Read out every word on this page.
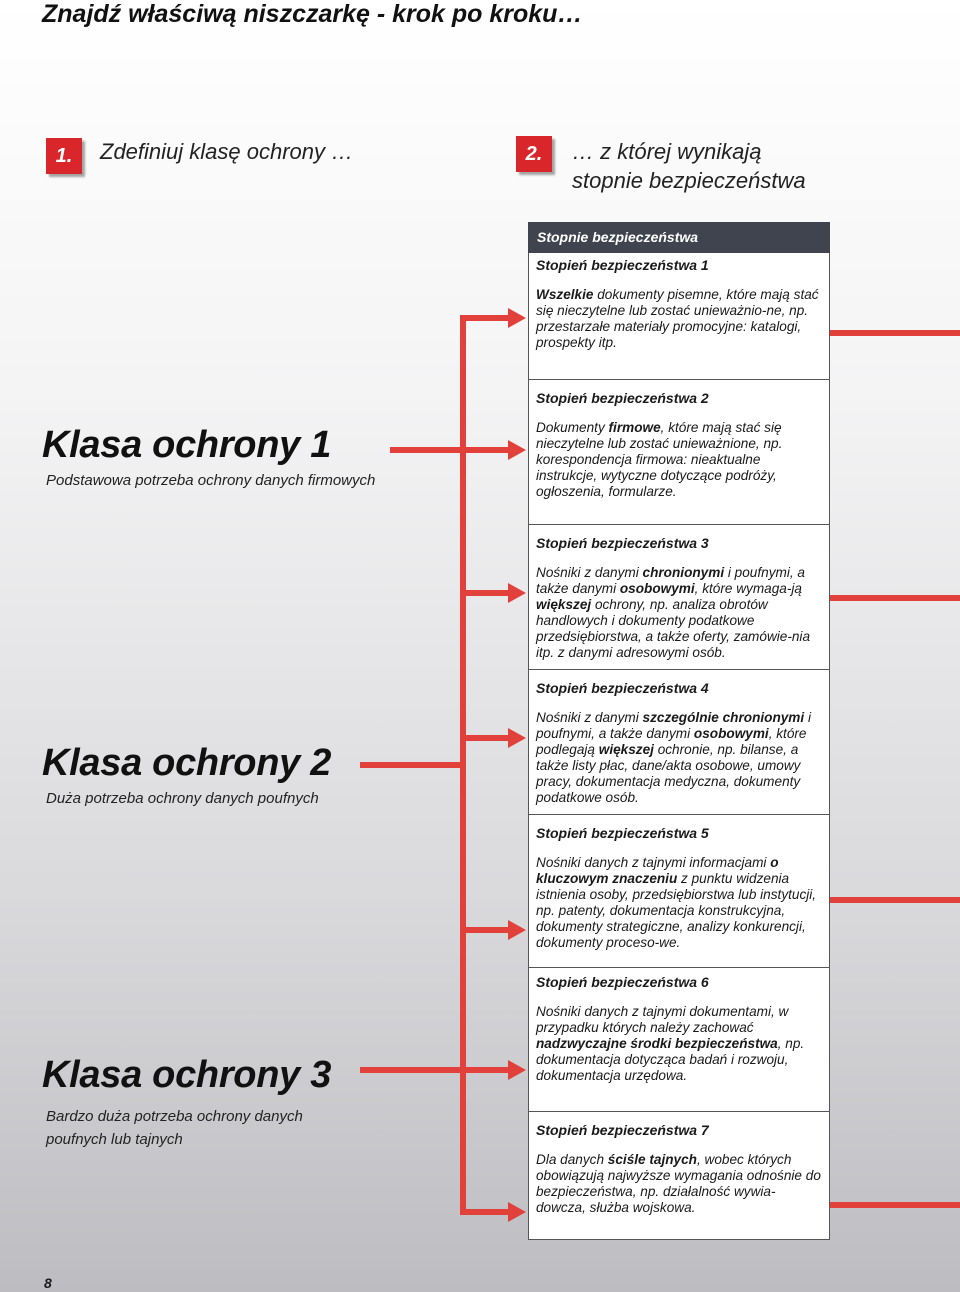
Znajdź właściwą niszczarkę - krok po kroku…
1.	Zdefiniuj klasę ochrony …	2.	… z której wynikają
stopnie bezpieczeństwa
Klasa ochrony 1
Podstawowa potrzeba ochrony danych firmowych
Klasa ochrony 2
Duża potrzeba ochrony danych poufnych
Klasa ochrony 3
Bardzo duża potrzeba ochrony danych
poufnych lub tajnych
Stopnie bezpieczeństwa
Stopień bezpieczeństwa 1
Wszelkie dokumenty pisemne, które mają stać się nieczytelne lub zostać unieważnio-ne, np. przestarzałe materiały promocyjne: katalogi, prospekty itp.
Stopień bezpieczeństwa 2
Dokumenty firmowe, które mają stać się nieczytelne lub zostać unieważnione, np. korespondencja firmowa: nieaktualne instrukcje, wytyczne dotyczące podróży, ogłoszenia, formularze.
Stopień bezpieczeństwa 3
Nośniki z danymi chronionymi i poufnymi, a także danymi osobowymi, które wymaga-ją większej ochrony, np. analiza obrotów handlowych i dokumenty podatkowe przedsiębiorstwa, a także oferty, zamówie-nia itp. z danymi adresowymi osób.
Stopień bezpieczeństwa 4
Nośniki z danymi szczególnie chronionymi i poufnymi, a także danymi osobowymi, które podlegają większej ochronie, np. bilanse, a także listy płac, dane/akta osobowe, umowy pracy, dokumentacja medyczna, dokumenty podatkowe osób.
Stopień bezpieczeństwa 5
Nośniki danych z tajnymi informacjami o kluczowym znaczeniu z punktu widzenia istnienia osoby, przedsiębiorstwa lub instytucji, np. patenty, dokumentacja konstrukcyjna, dokumenty strategiczne, analizy konkurencji, dokumenty proceso-we.
Stopień bezpieczeństwa 6
Nośniki danych z tajnymi dokumentami, w przypadku których należy zachować nadzwyczajne środki bezpieczeństwa, np. dokumentacja dotycząca badań i rozwoju, dokumentacja urzędowa.
Stopień bezpieczeństwa 7
Dla danych ściśle tajnych, wobec których obowiązują najwyższe wymagania odnośnie do bezpieczeństwa, np. działalność wywia-dowcza, służba wojskowa.
8
